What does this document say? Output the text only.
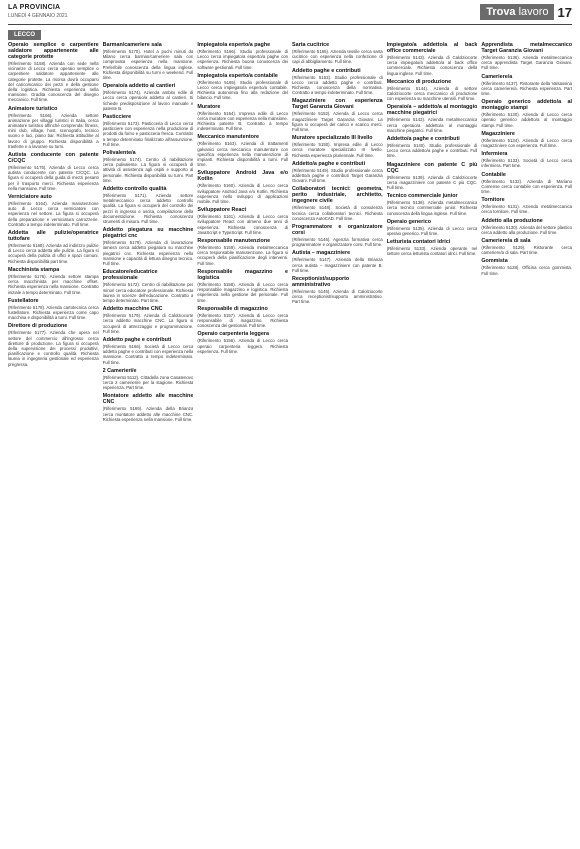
LA PROVINCIA
LUNEDÌ 4 GENNAIO 2021	Trova lavoro 17
LECCO
Operaio semplice o carpentiere saldatore appartenente alle categorie protette

(Riferimento 5158). Azienda con sede nella vicinanze di Lecco cerca operaio semplice o carpentiere saldatore appartenente alle categorie protette. La risorsa dovrà occuparsi del carico/scarico dei pezzi e della gestione della logistica. Richiesta esperienza nella mansione. Gradita conoscenza del disegno meccanico. Full time.

Animatore turistico

(Riferimento 5166). Azienda settore animazione per villaggi turistici in Italia, cerca animatore turistico affinché comprenda: fitness, mini club, village, host, scenografo, tecnico suono e luci, piano bar. Richiesta attitudine al lavoro di gruppo. Richiesta disponibilità a trasferte e a lavorare su turni.

Autista conducente con patente C/CQC

(Riferimento 5175). Azienda di Lecco cerca autista conducente con patente C/CQC. La figura si occuperà della guida di mezzi pesanti per il trasporto merci. Richiesta esperienza nella mansione. Full time.

Verniciatore auto

(Riferimento 5164). Azienda manutenzione auto di Lecco cerca verniciatore con esperienza nel settore. La figura si occuperà della preparazione e verniciatura carrozzerie. Contratto a tempo indeterminato. Full time.

Addetta alle pulizie/operatrice tuttofare

(Riferimento 5168). Azienda ad indirizzo pulizie di Lecco cerca addetta alle pulizie. La figura si occuperà della pulizia di uffici e spazi comuni. Richiesta disponibilità part time.

Macchinista stampa

(Riferimento 5176). Azienda settore stampa cerca macchinista per macchine offset. Richiesta esperienza nella mansione. Contratto iniziale a tempo determinato. Full time.

Fustellatore

(Riferimento 5178). Azienda cartotecnica cerca fustellatore. Richiesta esperienza come capo macchina e disponibilità a turni. Full time.

Direttore di produzione

(Riferimento 5177). Azienda che opera nel settore del commercio all'ingrosso cerca direttore di produzione. La figura si occuperà della supervisione dei processi produttivi, pianificazione e controllo qualità. Richiesta laurea in ingegneria gestionale ed esperienza pregressa.

Barman/cameriere sala

(Riferimento 5170). Hotel a pochi minuti da Milano cerca barman/cameriere sala con comprovata esperienza nella mansione. Preferibile conoscenza della lingua inglese. Richiesta disponibilità su turni e weekend. Full time.

Operaio/a addetto al cantieri

(Riferimento 5174). Azienda ambito edile di Lecco cerca operaio/a addetto al cantieri. Si richiede predisposizione al lavoro manuale e patente B.

Pasticciere

(Riferimento 5173). Pasticceria di Lecco cerca pasticciere con esperienza nella produzione di prodotti da forno e pasticceria fresca. Contratto a tempo determinato finalizzato all'assunzione. Full time.

Polivalente/a

(Riferimento 5174). Centro di riabilitazione cerca polivalente. La figura si occuperà di attività di assistenza agli ospiti e supporto al personale. Richiesta disponibilità su turni. Part time.

Addetto controllo qualità

(Riferimento 5171). Azienda settore metalmeccanico cerca addetto controllo qualità. La figura si occuperà del controllo dei pezzi in ingresso e uscita, compilazione della documentazione. Richiesta conoscenza strumenti di misura. Full time.

Addetto piegatura su macchine piegatrici cnc

(Riferimento 5179). Azienda di lavorazione lamiera cerca addetto piegatura su macchine piegatrici cnc. Richiesta esperienza nella mansione e capacità di lettura disegno tecnico. Full time.

Educatore/educatrice professionale

(Riferimento 5172). Centro di riabilitazione per minori cerca educatore professionale. Richiesta laurea in scienze dell'educazione. Contratto a tempo determinato. Part time.

Addetto macchine CNC

(Riferimento 5179). Azienda di Calolziocorte cerca addetto macchine CNC. La figura si occuperà di attrezzaggio e programmazione. Full time.

Addetto paghe e contributi

(Riferimento 5166). Società di Lecco cerca addetto paghe e contributi con esperienza nella mansione. Contratto a tempo indeterminato. Full time.

2 Camerieri/e

(Riferimento 5112). Cittadella zona Casatenovo cerca 2 camerieri/e per la stagione. Richiesta esperienza. Part time.

Montatore addetto alle macchine CNC

(Riferimento 5169). Azienda della Brianza cerca montatore addetto alle macchine CNC. Richiesta esperienza nella mansione. Full time.

Impiegato/a esperto/a paghe

(Riferimento 5166). Studio professionale di Lecco cerca impiegato/a esperto/a paghe con esperienza. Richiesta buona conoscenza dei software gestionali. Full time.

Impiegato/a esperto/a contabile

(Riferimento 5165). Studio professionale di Lecco cerca impiegato/a esperto/a contabile. Richiesta autonomia fino alla redazione del bilancio. Full time.

Muratore

(Riferimento 5164). Impresa edile di Lecco cerca muratore con esperienza nella mansione. Richiesta patente B. Contratto a tempo indeterminato. Full time.

Meccanico manutentore

(Riferimento 5163). Azienda di trattamenti galvanici cerca meccanico manutentore con specifica esperienza nella manutenzione di impianti. Richiesta disponibilità a turni. Full time.

Sviluppatore Android Java e/o Kotlin

(Riferimento 5160). Azienda di Lecco cerca sviluppatore Android Java e/o Kotlin. Richiesta esperienza nello sviluppo di applicazioni mobile. Full time.

Sviluppatore React

(Riferimento 5161). Azienda di Lecco cerca sviluppatore React con almeno due anni di esperienza. Richiesta conoscenza di JavaScript e TypeScript. Full time.

Responsabile manutenzione

(Riferimento 5159). Azienda metalmeccanica cerca responsabile manutenzione. La figura si occuperà della pianificazione degli interventi. Full time.

Responsabile magazzino e logistica

(Riferimento 5158). Azienda di Lecco cerca responsabile magazzino e logistica. Richiesta esperienza nella gestione del personale. Full time.

Responsabile di magazzino

(Riferimento 5157). Azienda di Lecco cerca responsabile di magazzino. Richiesta conoscenza dei gestionali. Full time.

Operaio carpenteria leggera

(Riferimento 5156). Azienda di Lecco cerca operaio carpenteria leggera. Richiesta esperienza. Full time.

Sarta cucitrice

(Riferimento 5155). Azienda tessile cerca sarta cucitrice con esperienza nella confezione di capi di abbigliamento. Full time.

Addetto paghe e contributi

(Riferimento 5153). Studio professionale di Lecco cerca addetto paghe e contributi. Richiesta conoscenza della normativa. Contratto a tempo indeterminato. Full time.

Magazziniere con esperienza Target Garanzia Giovani

(Riferimento 5152). Azienda di Lecco cerca magazziniere Target Garanzia Giovani. La figura si occuperà del carico e scarico merci. Full time.

Muratore specializzato III livello

(Riferimento 5150). Impresa edile di Lecco cerca muratore specializzato III livello. Richiesta esperienza pluriennale. Full time.

Addetto/a paghe e contributi

(Riferimento 5149). Studio professionale cerca addetto/a paghe e contributi Target Garanzia Giovani. Full time.

Collaboratori tecnici: geometra, perito industriale, architetto, ingegnere civile

(Riferimento 5148). Società di consulenza tecnica cerca collaboratori tecnici. Richiesta conoscenza AutoCAD. Full time.

Programmatore e organizzatore corsi

(Riferimento 5146). Agenzia formativa cerca programmatore e organizzatore corsi. Full time.

Autista – magazziniere

(Riferimento 5147). Azienda della Brianza cerca autista – magazziniere con patente B. Full time.

Receptionist/supporto amministrativo

(Riferimento 5145). Azienda di Calolziocorte cerca receptionist/supporto amministrativo. Part time.

Impiegato/a addetto/a al back office commerciale

(Riferimento 5143). Azienda di Calolziocorte cerca impiegato/a addetto/a al back office commerciale. Richiesta conoscenza della lingua inglese. Full time.

Meccanico di produzione

(Riferimento 5144). Azienda di settore Calolziocorte cerca meccanico di produzione con esperienza su macchine utensili. Full time.

Operaio/a – addetto/a al montaggio macchine piegatrici

(Riferimento 5142). Azienda metalmeccanica cerca operaio/a addetto/a al montaggio macchine piegatrici. Full time.

Addetto/a paghe e contributi

(Riferimento 5140). Studio professionale di Lecco cerca addetto/a paghe e contributi. Full time.

Magazziniere con patente C più CQC

(Riferimento 5139). Azienda di Calolziocorte cerca magazziniere con patente C più CQC. Full time.

Tecnico commerciale junior

(Riferimento 5138). Azienda metalmeccanica cerca tecnico commerciale junior. Richiesta conoscenza della lingua inglese. Full time.

Operaio generico

(Riferimento 5135). Azienda di Lecco cerca operaio generico. Full time.

Letturista contatori idrici

(Riferimento 5133). Azienda operante nel settore cerca letturista contatori idrici. Full time.

Apprendista metalmeccanico Target Garanzia Giovani

(Riferimento 5136). Azienda metalmeccanica cerca apprendista Target Garanzia Giovani. Full time.

Cameriere/a

(Riferimento 5137). Ristorante della Valsassina cerca cameriere/a. Richiesta esperienza. Part time.

Operaio generico addetto/a al montaggio stampi

(Riferimento 5130). Azienda di Lecco cerca operaio generico addetto/a al montaggio stampi. Full time.

Magazziniere

(Riferimento 5134). Azienda di Lecco cerca magazziniere con esperienza. Full time.

Infermiera

(Riferimento 5133). Società di Lecco cerca infermiera. Part time.

Contabile

(Riferimento 5132). Azienda di Mariano Comense cerca contabile con esperienza. Full time.

Tornitore

(Riferimento 5131). Azienda metalmeccanica cerca tornitore. Full time.

Addetto alla produzione

(Riferimento 5130). Azienda del settore plastico cerca addetto alla produzione. Full time.

Cameriere/a di sala

(Riferimento 5129). Ristorante cerca cameriere/a di sala. Part time.

Gommista

(Riferimento 5128). Officina cerca gommista. Full time.
